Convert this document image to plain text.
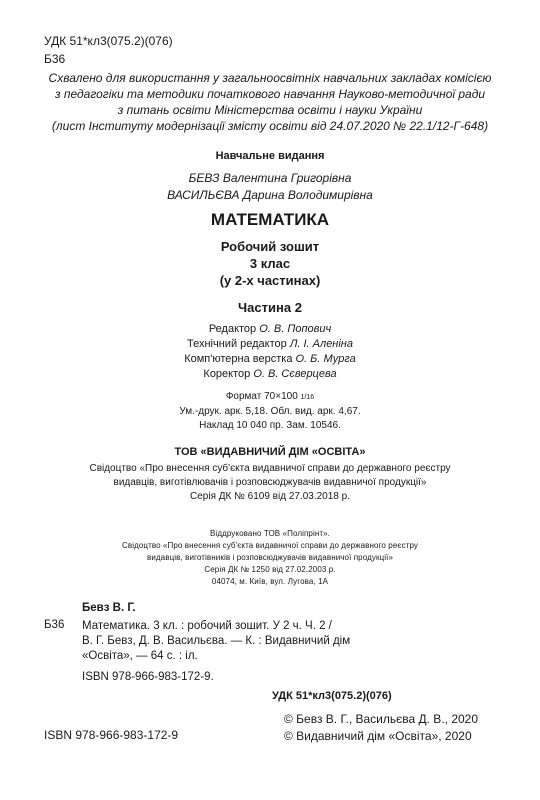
УДК 51*кл3(075.2)(076)
Б36
Схвалено для використання у загальноосвітніх навчальних закладах комісією
з педагогіки та методики початкового навчання Науково-методичної ради
з питань освіти Міністерства освіти і науки України
(лист Інституту модернізації змісту освіти від 24.07.2020 № 22.1/12-Г-648)
Навчальне видання
БЕВЗ Валентина Григорівна
ВАСИЛЬЄВА Дарина Володимирівна
МАТЕМАТИКА
Робочий зошит
3 клас
(у 2-х частинах)
Частина 2
Редактор О. В. Попович
Технічний редактор Л. І. Аленіна
Комп'ютерна верстка О. Б. Мурга
Коректор О. В. Сєверцева
Формат 70×100 1/16
Ум.-друк. арк. 5,18. Обл. вид. арк. 4,67.
Наклад 10 040 пр. Зам. 10546.
ТОВ «ВИДАВНИЧИЙ ДІМ «ОСВІТА»
Свідоцтво «Про внесення суб'єкта видавничої справи до державного реєстру
видавців, виготівлювачів і розповсюджувачів видавничої продукції»
Серія ДК № 6109 від 27.03.2018 р.
Віддруковано ТОВ «Поліпрінт».
Свідоцтво «Про внесення суб'єкта видавничої справи до державного реєстру
видавців, виготівників і розповсюджувачів видавничої продукції»
Серія ДК № 1250 від 27.02.2003 р.
04074, м. Київ, вул. Лугова, 1А
Бевз В. Г.
Б36 Математика. 3 кл. : робочий зошит. У 2 ч. Ч. 2 /
В. Г. Бевз, Д. В. Васильєва. — К. : Видавничий дім
«Освіта», — 64 с. : іл.
ISBN 978-966-983-172-9.
УДК 51*кл3(075.2)(076)
ISBN 978-966-983-172-9
© Бевз В. Г., Васильєва Д. В., 2020
© Видавничий дім «Освіта», 2020
